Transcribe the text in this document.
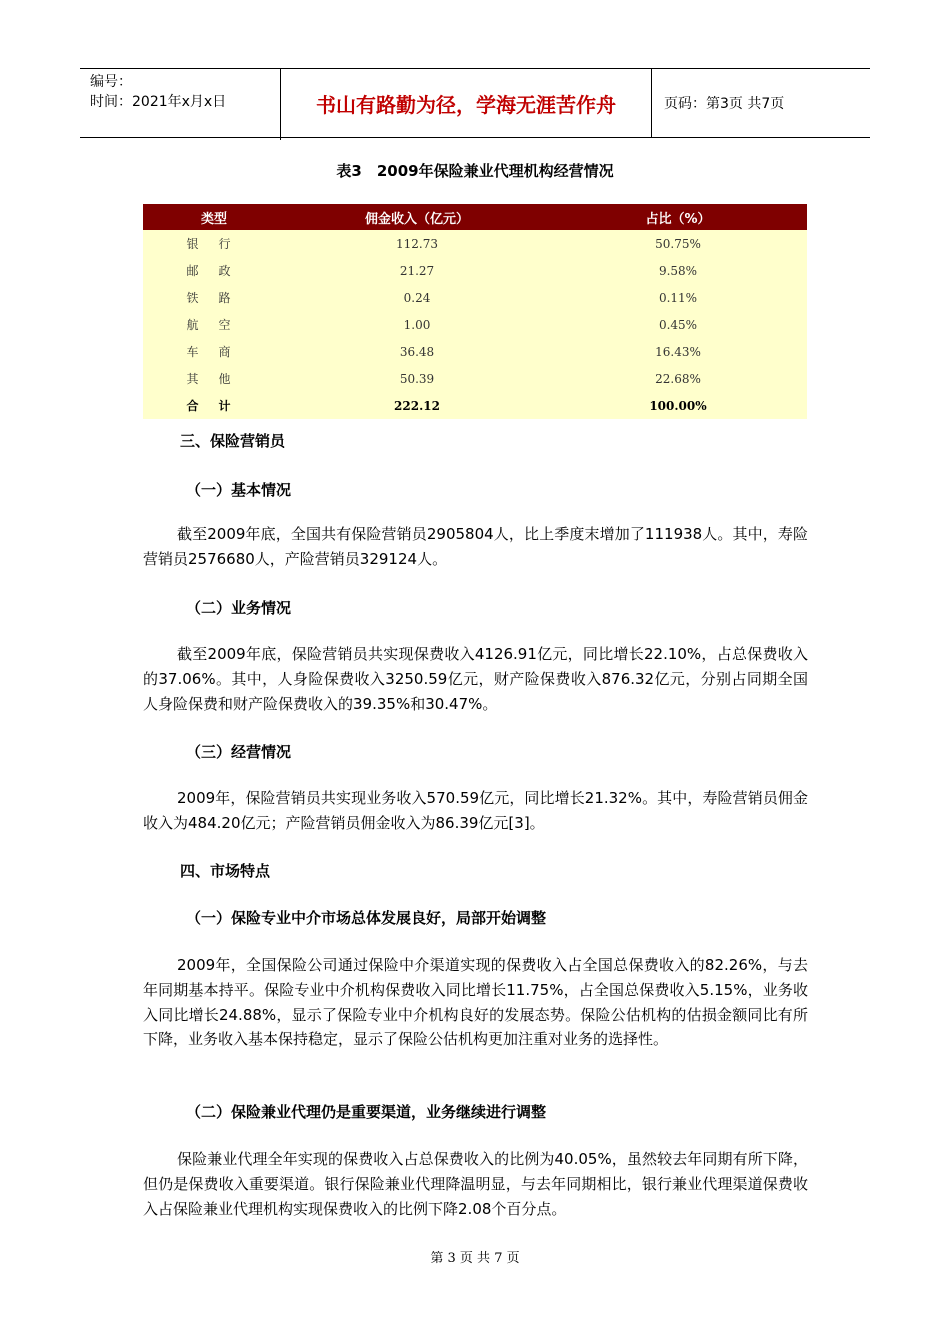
编号：
时间：2021年x月x日	书山有路勤为径，学海无涯苦作舟	页码：第3页 共7页
表3　2009年保险兼业代理机构经营情况
类型	佣金收入（亿元）	占比（%）
银行	112.73	50.75%
邮政	21.27	9.58%
铁路	0.24	0.11%
航空	1.00	0.45%
车商	36.48	16.43%
其他	50.39	22.68%
合计	222.12	100.00%
三、保险营销员
（一）基本情况
截至2009年底，全国共有保险营销员2905804人，比上季度末增加了111938人。其中，寿险营销员2576680人，产险营销员329124人。
（二）业务情况
截至2009年底，保险营销员共实现保费收入4126.91亿元，同比增长22.10%，占总保费收入的37.06%。其中，人身险保费收入3250.59亿元，财产险保费收入876.32亿元，分别占同期全国人身险保费和财产险保费收入的39.35%和30.47%。
（三）经营情况
2009年，保险营销员共实现业务收入570.59亿元，同比增长21.32%。其中，寿险营销员佣金收入为484.20亿元；产险营销员佣金收入为86.39亿元[3]。
四、市场特点
（一）保险专业中介市场总体发展良好，局部开始调整
2009年，全国保险公司通过保险中介渠道实现的保费收入占全国总保费收入的82.26%，与去年同期基本持平。保险专业中介机构保费收入同比增长11.75%，占全国总保费收入5.15%，业务收入同比增长24.88%，显示了保险专业中介机构良好的发展态势。保险公估机构的估损金额同比有所下降，业务收入基本保持稳定，显示了保险公估机构更加注重对业务的选择性。
（二）保险兼业代理仍是重要渠道，业务继续进行调整
保险兼业代理全年实现的保费收入占总保费收入的比例为40.05%，虽然较去年同期有所下降，但仍是保费收入重要渠道。银行保险兼业代理降温明显，与去年同期相比，银行兼业代理渠道保费收入占保险兼业代理机构实现保费收入的比例下降2.08个百分点。
第 3 页 共 7 页
